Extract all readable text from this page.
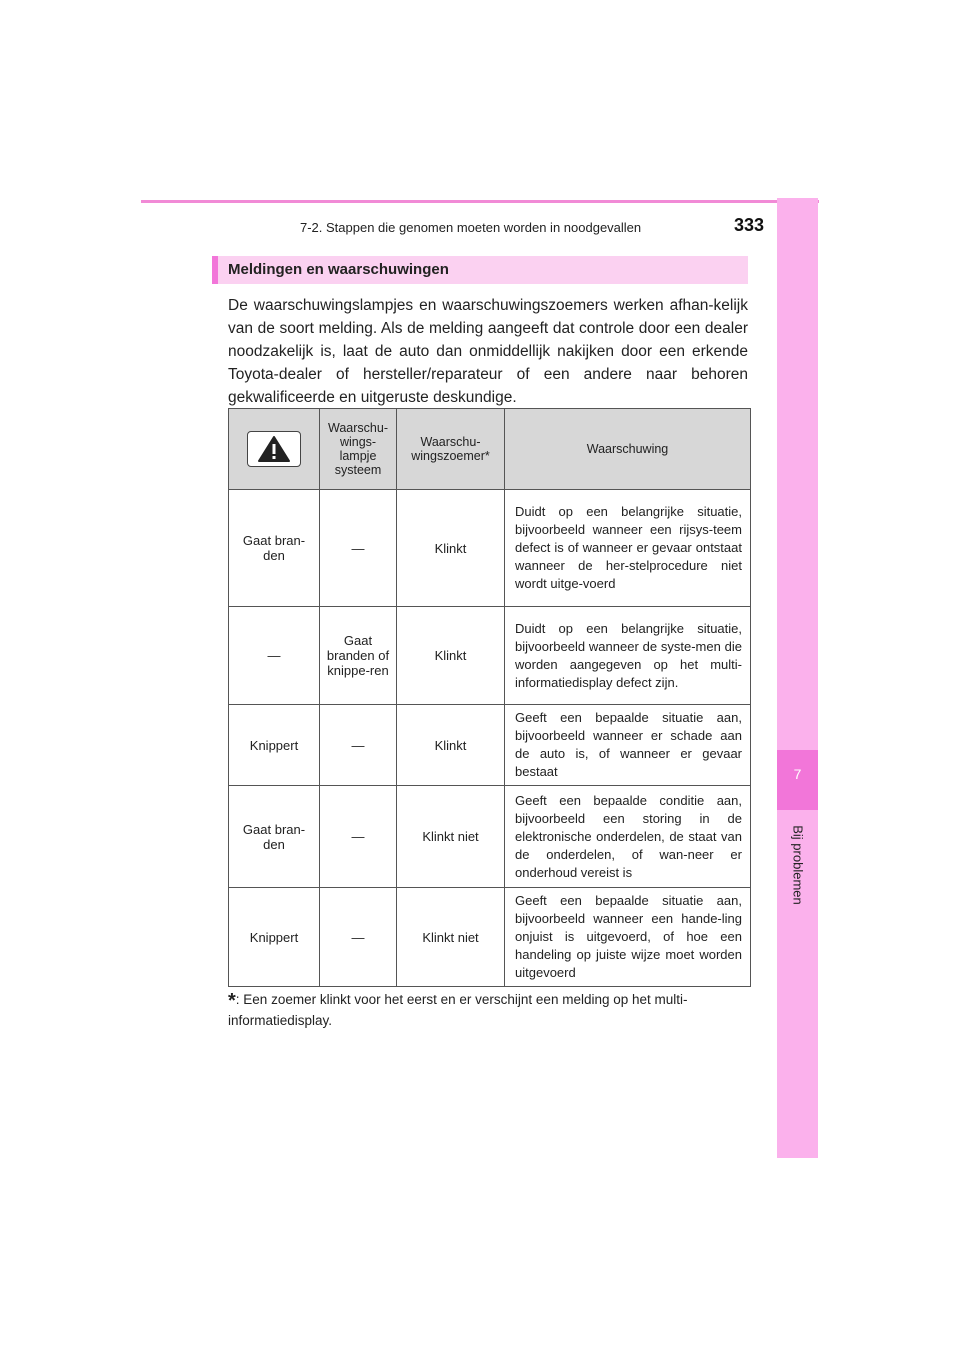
7-2. Stappen die genomen moeten worden in noodgevallen	333
7
Bij problemen
Meldingen en waarschuwingen
De waarschuwingslampjes en waarschuwingszoemers werken afhan-kelijk van de soort melding. Als de melding aangeeft dat controle door een dealer noodzakelijk is, laat de auto dan onmiddellijk nakijken door een erkende Toyota-dealer of hersteller/reparateur of een andere naar behoren gekwalificeerde en uitgeruste deskundige.
	Waarschu-wings-lampje systeem	Waarschu-wingszoemer*	Waarschuwing
Gaat bran-den	—	Klinkt	Duidt op een belangrijke situatie, bijvoorbeeld wanneer een rijsys-teem defect is of wanneer er gevaar ontstaat wanneer de her-stelprocedure niet wordt uitge-voerd
—	Gaat branden of knippe-ren	Klinkt	Duidt op een belangrijke situatie, bijvoorbeeld wanneer de syste-men die worden aangegeven op het multi-informatiedisplay defect zijn.
Knippert	—	Klinkt	Geeft een bepaalde situatie aan, bijvoorbeeld wanneer er schade aan de auto is, of wanneer er gevaar bestaat
Gaat bran-den	—	Klinkt niet	Geeft een bepaalde conditie aan, bijvoorbeeld een storing in de elektronische onderdelen, de staat van de onderdelen, of wan-neer er onderhoud vereist is
Knippert	—	Klinkt niet	Geeft een bepaalde situatie aan, bijvoorbeeld wanneer een hande-ling onjuist is uitgevoerd, of hoe een handeling op juiste wijze moet worden uitgevoerd
*: Een zoemer klinkt voor het eerst en er verschijnt een melding op het multi-informatiedisplay.
